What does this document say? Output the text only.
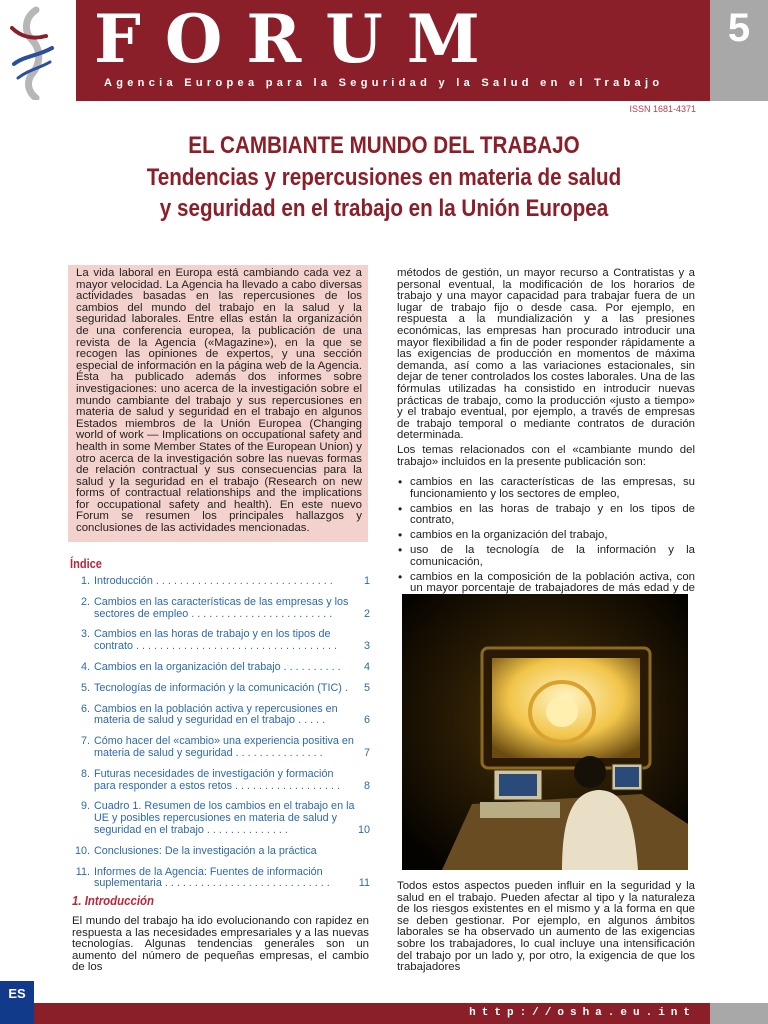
FORUM
Agencia Europea para la Seguridad y la Salud en el Trabajo
5
ISSN 1681-4371
EL CAMBIANTE MUNDO DEL TRABAJO
Tendencias y repercusiones en materia de salud
y seguridad en el trabajo en la Unión Europea
La vida laboral en Europa está cambiando cada vez a mayor velocidad. La Agencia ha llevado a cabo diversas actividades basadas en las repercusiones de los cambios del mundo del trabajo en la salud y la seguridad laborales. Entre ellas están la organización de una conferencia europea, la publicación de una revista de la Agencia («Magazine»), en la que se recogen las opiniones de expertos, y una sección especial de información en la página web de la Agencia. Ésta ha publicado además dos informes sobre investigaciones: uno acerca de la investigación sobre el mundo cambiante del trabajo y sus repercusiones en materia de salud y seguridad en el trabajo en algunos Estados miembros de la Unión Europea (Changing world of work — Implications on occupational safety and health in some Member States of the European Union) y otro acerca de la investigación sobre las nuevas formas de relación contractual y sus consecuencias para la salud y la seguridad en el trabajo (Research on new forms of contractual relationships and the implications for occupational safety and health). En este nuevo Forum se resumen los principales hallazgos y conclusiones de las actividades mencionadas.
Índice
1. Introducción . . . . . . . . . . . . . . . . . . . . . . . . . . . . . .	1
2. Cambios en las características de las empresas y los sectores de empleo . . . . . . . . . . . . . . . . . . . . . . . .	2
3. Cambios en las horas de trabajo y en los tipos de contrato . . . . . . . . . . . . . . . . . . . . . . . . . . . . . . . . . .	3
4. Cambios en la organización del trabajo . . . . . . . . . .	4
5. Tecnologías de información y la comunicación (TIC) .	5
6. Cambios en la población activa y repercusiones en materia de salud y seguridad en el trabajo . . . . .	6
7. Cómo hacer del «cambio» una experiencia positiva en materia de salud y seguridad . . . . . . . . . . . . . . .	7
8. Futuras necesidades de investigación y formación para responder a estos retos . . . . . . . . . . . . . . . . . .	8
9. Cuadro 1. Resumen de los cambios en el trabajo en la UE y posibles repercusiones en materia de salud y seguridad en el trabajo . . . . . . . . . . . . . .	10
10. Conclusiones: De la investigación a la práctica
11. Informes de la Agencia: Fuentes de información suplementaria . . . . . . . . . . . . . . . . . . . . . . . . . . . .	11
1. Introducción
El mundo del trabajo ha ido evolucionando con rapidez en respuesta a las necesidades empresariales y a las nuevas tecnologías. Algunas tendencias generales son un aumento del número de pequeñas empresas, el cambio de los
métodos de gestión, un mayor recurso a Contratistas y a personal eventual, la modificación de los horarios de trabajo y una mayor capacidad para trabajar fuera de un lugar de trabajo fijo o desde casa. Por ejemplo, en respuesta a la mundialización y a las presiones económicas, las empresas han procurado introducir una mayor flexibilidad a fin de poder responder rápidamente a las exigencias de producción en momentos de máxima demanda, así como a las variaciones estacionales, sin dejar de tener controlados los costes laborales. Una de las fórmulas utilizadas ha consistido en introducir nuevas prácticas de trabajo, como la producción «justo a tiempo» y el trabajo eventual, por ejemplo, a través de empresas de trabajo temporal o mediante contratos de duración determinada.
Los temas relacionados con el «cambiante mundo del trabajo» incluidos en la presente publicación son:
• cambios en las características de las empresas, su funcionamiento y los sectores de empleo,
• cambios en las horas de trabajo y en los tipos de contrato,
• cambios en la organización del trabajo,
• uso de la tecnología de la información y la comunicación,
• cambios en la composición de la población activa, con un mayor porcentaje de trabajadores de más edad y de
Todos estos aspectos pueden influir en la seguridad y la salud en el trabajo. Pueden afectar al tipo y la naturaleza de los riesgos existentes en el mismo y a la forma en que se deben gestionar. Por ejemplo, en algunos ámbitos laborales se ha observado un aumento de las exigencias sobre los trabajadores, lo cual incluye una intensificación del trabajo por un lado y, por otro, la exigencia de que los trabajadores
ES
http://osha.eu.int
